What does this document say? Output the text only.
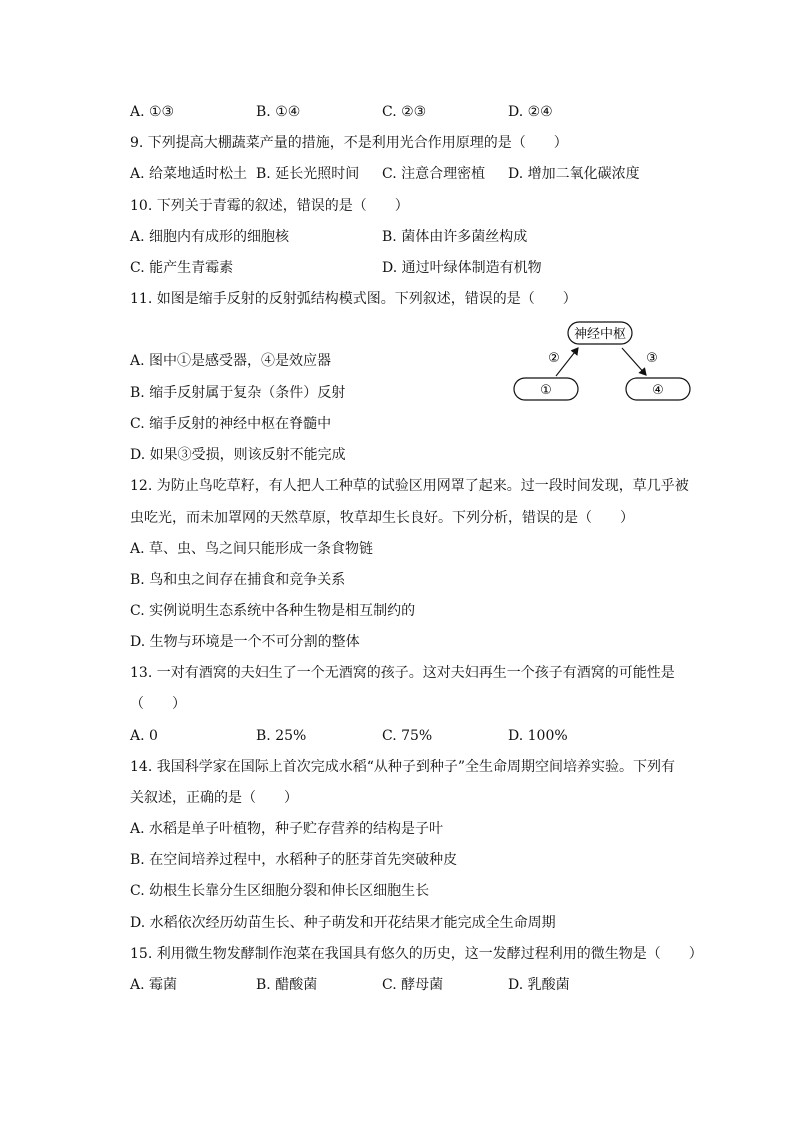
A. ①③	B. ①④	C. ②③	D. ②④
9. 下列提高大棚蔬菜产量的措施，不是利用光合作用原理的是（　　）
A. 给菜地适时松土 B. 延长光照时间 C. 注意合理密植 D. 增加二氧化碳浓度
10. 下列关于青霉的叙述，错误的是（　　）
A. 细胞内有成形的细胞核	B. 菌体由许多菌丝构成
C. 能产生青霉素	D. 通过叶绿体制造有机物
11. 如图是缩手反射的反射弧结构模式图。下列叙述，错误的是（　　）
A. 图中①是感受器，④是效应器
B. 缩手反射属于复杂（条件）反射
C. 缩手反射的神经中枢在脊髓中
D. 如果③受损，则该反射不能完成
神经中枢
①	④
②	③
12. 为防止鸟吃草籽，有人把人工种草的试验区用网罩了起来。过一段时间发现，草几乎被
虫吃光，而未加罩网的天然草原，牧草却生长良好。下列分析，错误的是（　　）
A. 草、虫、鸟之间只能形成一条食物链
B. 鸟和虫之间存在捕食和竞争关系
C. 实例说明生态系统中各种生物是相互制约的
D. 生物与环境是一个不可分割的整体
13. 一对有酒窝的夫妇生了一个无酒窝的孩子。这对夫妇再生一个孩子有酒窝的可能性是
（　　）
A. 0	B. 25%	C. 75%	D. 100%
14. 我国科学家在国际上首次完成水稻“从种子到种子”全生命周期空间培养实验。下列有
关叙述，正确的是（　　）
A. 水稻是单子叶植物，种子贮存营养的结构是子叶
B. 在空间培养过程中，水稻种子的胚芽首先突破种皮
C. 幼根生长靠分生区细胞分裂和伸长区细胞生长
D. 水稻依次经历幼苗生长、种子萌发和开花结果才能完成全生命周期
15. 利用微生物发酵制作泡菜在我国具有悠久的历史，这一发酵过程利用的微生物是（　　）
A. 霉菌	B. 醋酸菌	C. 酵母菌	D. 乳酸菌
